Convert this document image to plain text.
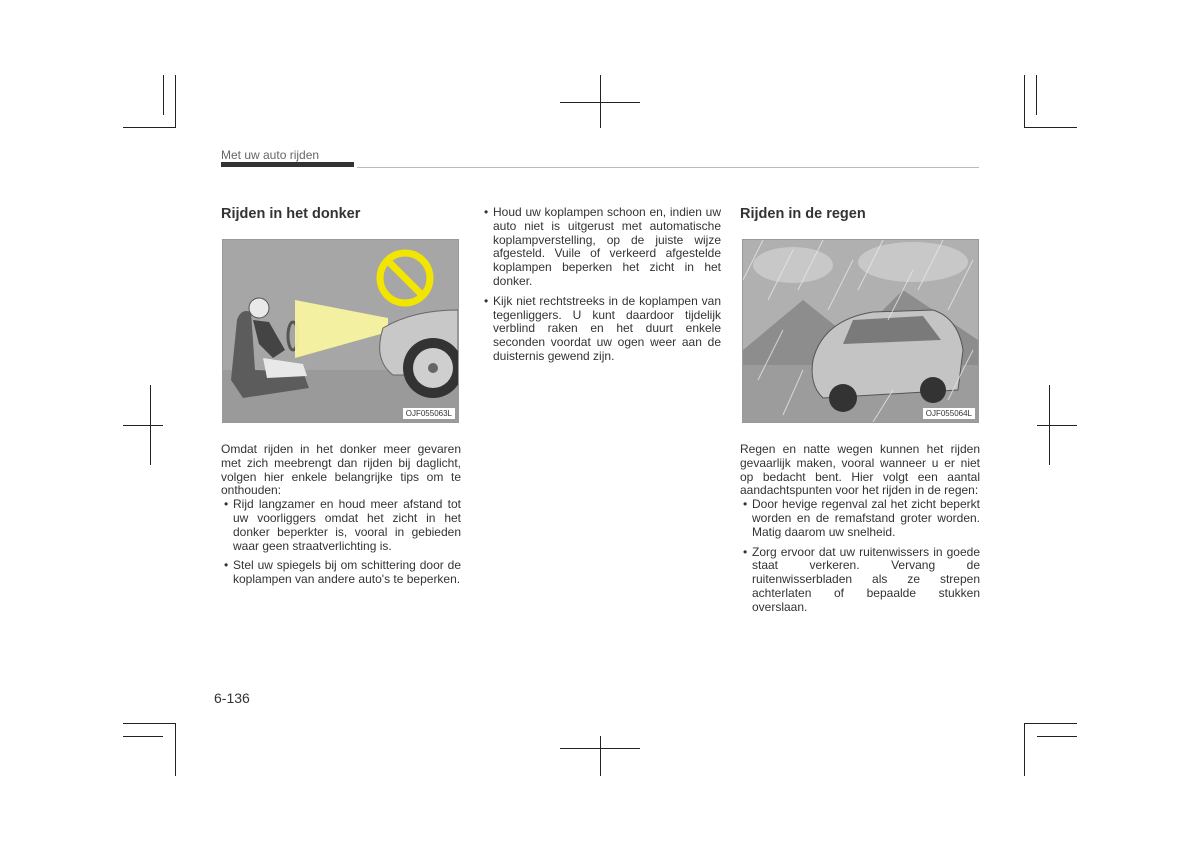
Met uw auto rijden
Rijden in het donker
OJF055063L

Omdat rijden in het donker meer gevaren met zich meebrengt dan rijden bij daglicht, volgen hier enkele belangrijke tips om te onthouden:

• Rijd langzamer en houd meer afstand tot uw voorliggers omdat het zicht in het donker beperkter is, vooral in gebieden waar geen straatverlichting is.
• Stel uw spiegels bij om schittering door de koplampen van andere auto's te beperken.
• Houd uw koplampen schoon en, indien uw auto niet is uitgerust met automatische koplampverstelling, op de juiste wijze afgesteld. Vuile of verkeerd afgestelde koplampen beperken het zicht in het donker.
• Kijk niet rechtstreeks in de koplampen van tegenliggers. U kunt daardoor tijdelijk verblind raken en het duurt enkele seconden voordat uw ogen weer aan de duisternis gewend zijn.
Rijden in de regen
OJF055064L

Regen en natte wegen kunnen het rijden gevaarlijk maken, vooral wanneer u er niet op bedacht bent. Hier volgt een aantal aandachtspunten voor het rijden in de regen:

• Door hevige regenval zal het zicht beperkt worden en de remafstand groter worden. Matig daarom uw snelheid.
• Zorg ervoor dat uw ruitenwissers in goede staat verkeren. Vervang de ruitenwisserbladen als ze strepen achterlaten of bepaalde stukken overslaan.
6-136
